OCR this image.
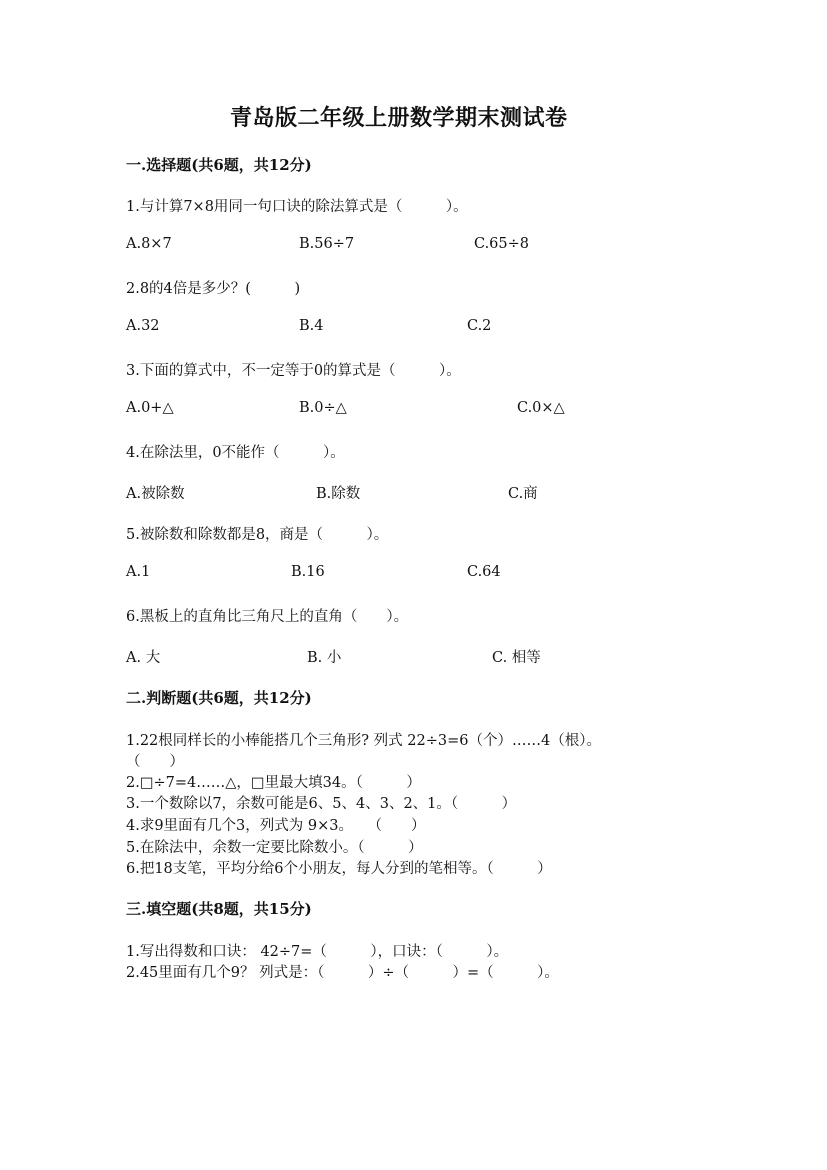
青岛版二年级上册数学期末测试卷
一.选择题(共6题，共12分)
1.与计算7×8用同一句口诀的除法算式是（　　　）。
A.8×7	B.56÷7	C.65÷8
2.8的4倍是多少？(　　　)
A.32	B.4	C.2
3.下面的算式中，不一定等于0的算式是（　　　）。
A.0+△	B.0÷△	C.0×△
4.在除法里，0不能作（　　　）。
A.被除数	B.除数	C.商
5.被除数和除数都是8，商是（　　　）。
A.1	B.16	C.64
6.黑板上的直角比三角尺上的直角（　　）。
A. 大	B. 小	C. 相等
二.判断题(共6题，共12分)
1.22根同样长的小棒能搭几个三角形? 列式 22÷3=6（个）……4（根）。
（　　）
2.□÷7=4……△，□里最大填34。（　　　）
3.一个数除以7，余数可能是6、5、4、3、2、1。（　　　）
4.求9里面有几个3，列式为 9×3。　　（　　）
5.在除法中，余数一定要比除数小。（　　　）
6.把18支笔，平均分给6个小朋友，每人分到的笔相等。（　　　）
三.填空题(共8题，共15分)
1.写出得数和口诀： 42÷7=（　　　），口诀：（　　　）。
2.45里面有几个9？ 列式是：（　　　）÷（　　　）=（　　　）。
